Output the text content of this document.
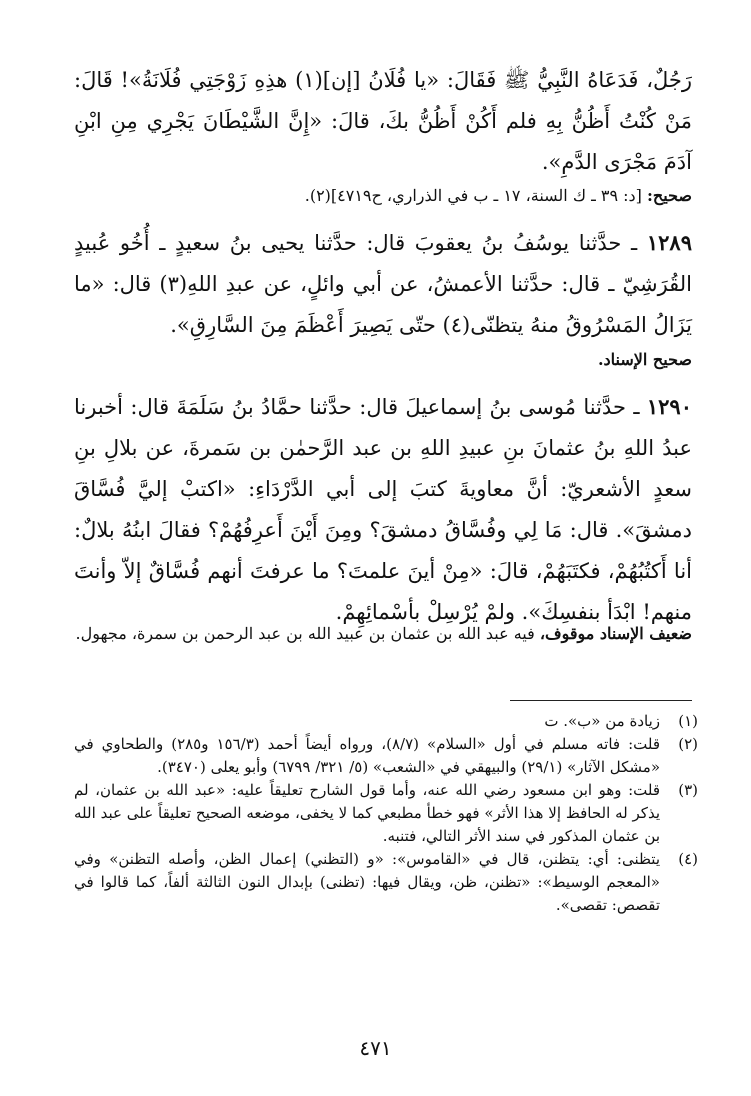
رَجُلٌ، فَدَعَاهُ النَّبِيُّ ﷺ فَقَالَ: «يا فُلَانُ [إن](١) هذِهِ زَوْجَتِي فُلَانَةُ»! قَالَ: مَنْ كُنْتُ أَظُنُّ بِهِ فلم أَكُنْ أَظُنُّ بكَ، قالَ: «إِنَّ الشَّيْطَانَ يَجْرِي مِنِ ابْنِ آدَمَ مَجْرَى الدَّمِ».
صحيح: [د: ٣٩ ـ ك السنة، ١٧ ـ ب في الذراري، ح٤٧١٩](٢).
١٢٨٩ ـ حدَّثنا يوسُفُ بنُ يعقوبَ قال: حدَّثنا يحيى بنُ سعيدٍ ـ أُخُو عُبيدٍ القُرَشِيّ ـ قال: حدَّثنا الأعمشُ، عن أبي وائلٍ، عن عبدِ اللهِ(٣) قال: «ما يَزَالُ المَسْرُوقُ منهُ يتظنّى(٤) حتّى يَصِيرَ أَعْظَمَ مِنَ السَّارِقِ».
صحيح الإسناد.
١٢٩٠ ـ حدَّثنا مُوسى بنُ إسماعيلَ قال: حدَّثنا حمَّادُ بنُ سَلَمَةَ قال: أخبرنا عبدُ اللهِ بنُ عثمانَ بنِ عبيدِ اللهِ بن عبد الرَّحمٰن بن سَمرةَ، عن بلالِ بنِ سعدٍ الأشعريّ: أنَّ معاويةَ كتبَ إلى أبي الدَّرْدَاءِ: «اكتبْ إليَّ فُسَّاقَ دمشقَ». قال: مَا لِي وفُسَّاقُ دمشقَ؟ ومِنَ أَيْنَ أَعرِفُهُمْ؟ فقالَ ابنُهُ بلالٌ: أنا أَكتُبُهُمْ، فكتَبَهُمْ، قالَ: «مِنْ أينَ علمتَ؟ ما عرفتَ أنهم فُسَّاقٌ إلاّ وأنتَ منهم! ابْدَأ بنفسِكَ». ولمْ يُرْسِلْ بأسْمائِهِمْ.
ضعيف الإسناد موقوف، فيه عبد الله بن عثمان بن عبيد الله بن عبد الرحمن بن سمرة، مجهول.
(١)
زيادة من «ب». ت
(٢)
قلت: فاته مسلم في أول «السلام» (٨/٧)، ورواه أيضاً أحمد (١٥٦/٣ و٢٨٥) والطحاوي في «مشكل الآثار» (٢٩/١) والبيهقي في «الشعب» (٥/ ٣٢١/ ٦٧٩٩) وأبو يعلى (٣٤٧٠).
(٣)
قلت: وهو ابن مسعود رضي الله عنه، وأما قول الشارح تعليقاً عليه: «عبد الله بن عثمان، لم يذكر له الحافظ إلا هذا الأثر» فهو خطأ مطبعي كما لا يخفى، موضعه الصحيح تعليقاً على عبد الله بن عثمان المذكور في سند الأثر التالي، فتنبه.
(٤)
يتظنى: أي: يتظنن، قال في «القاموس»: «و (التظني) إعمال الظن، وأصله التظنن» وفي «المعجم الوسيط»: «تظنن، ظن، ويقال فيها: (تظنى) بإبدال النون الثالثة ألفاً، كما قالوا في تقصص: تقصى».
٤٧١
